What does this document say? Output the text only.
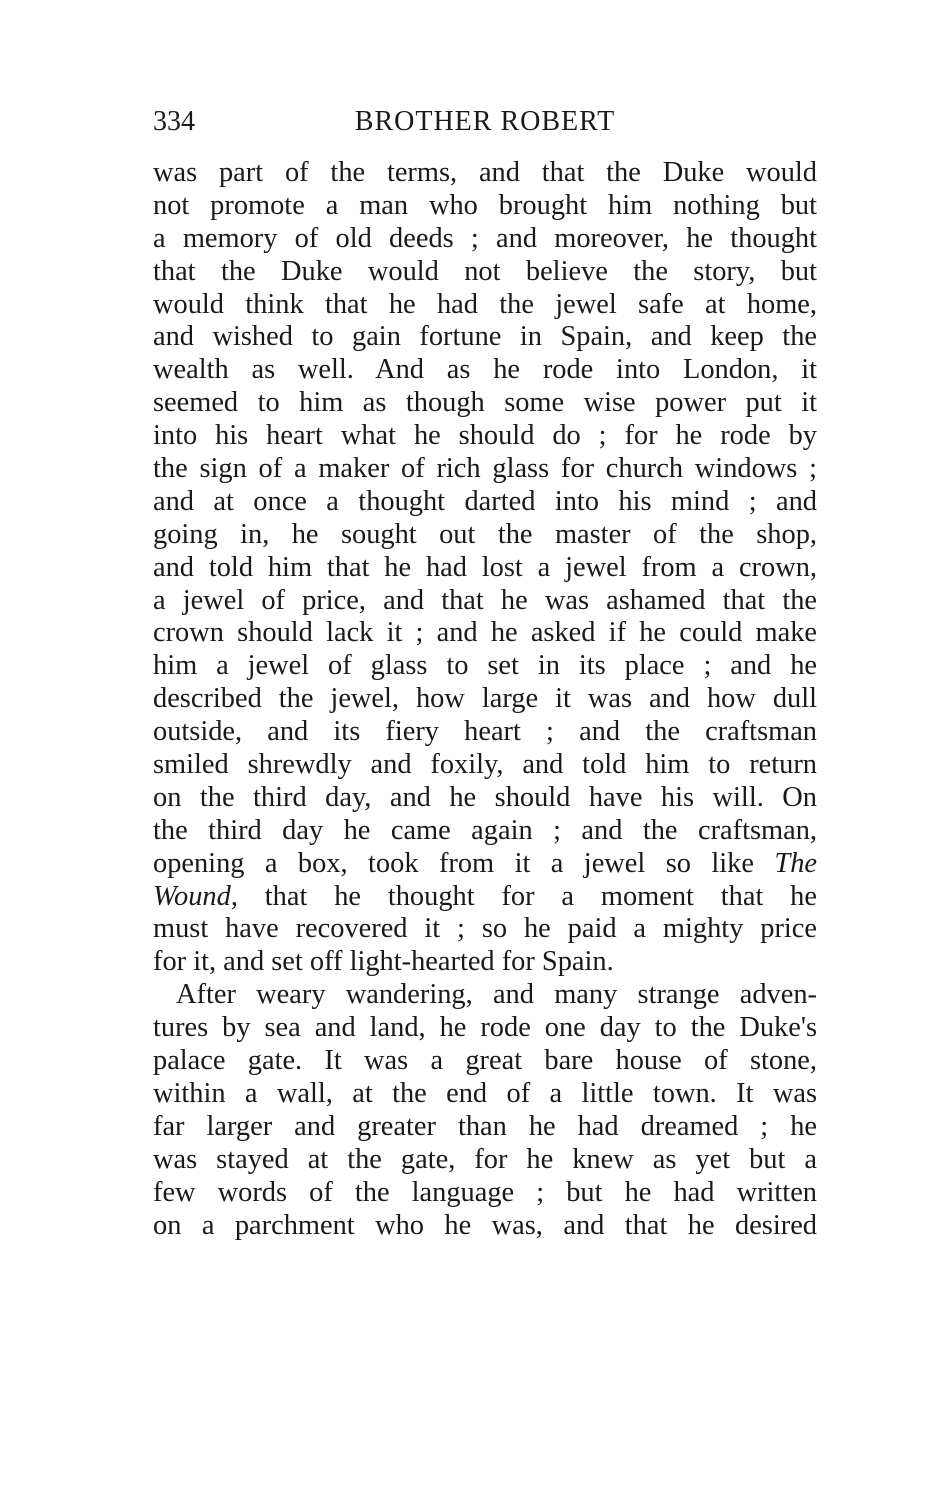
334	BROTHER ROBERT
was part of the terms, and that the Duke would
not promote a man who brought him nothing but
a memory of old deeds ; and moreover, he thought
that the Duke would not believe the story, but
would think that he had the jewel safe at home,
and wished to gain fortune in Spain, and keep the
wealth as well. And as he rode into London, it
seemed to him as though some wise power put it
into his heart what he should do ; for he rode by
the sign of a maker of rich glass for church windows ;
and at once a thought darted into his mind ; and
going in, he sought out the master of the shop,
and told him that he had lost a jewel from a crown,
a jewel of price, and that he was ashamed that the
crown should lack it ; and he asked if he could make
him a jewel of glass to set in its place ; and he
described the jewel, how large it was and how dull
outside, and its fiery heart ; and the craftsman
smiled shrewdly and foxily, and told him to return
on the third day, and he should have his will. On
the third day he came again ; and the craftsman,
opening a box, took from it a jewel so like The
Wound, that he thought for a moment that he
must have recovered it ; so he paid a mighty price
for it, and set off light-hearted for Spain.
After weary wandering, and many strange adven-
tures by sea and land, he rode one day to the Duke's
palace gate. It was a great bare house of stone,
within a wall, at the end of a little town. It was
far larger and greater than he had dreamed ; he
was stayed at the gate, for he knew as yet but a
few words of the language ; but he had written
on a parchment who he was, and that he desired
